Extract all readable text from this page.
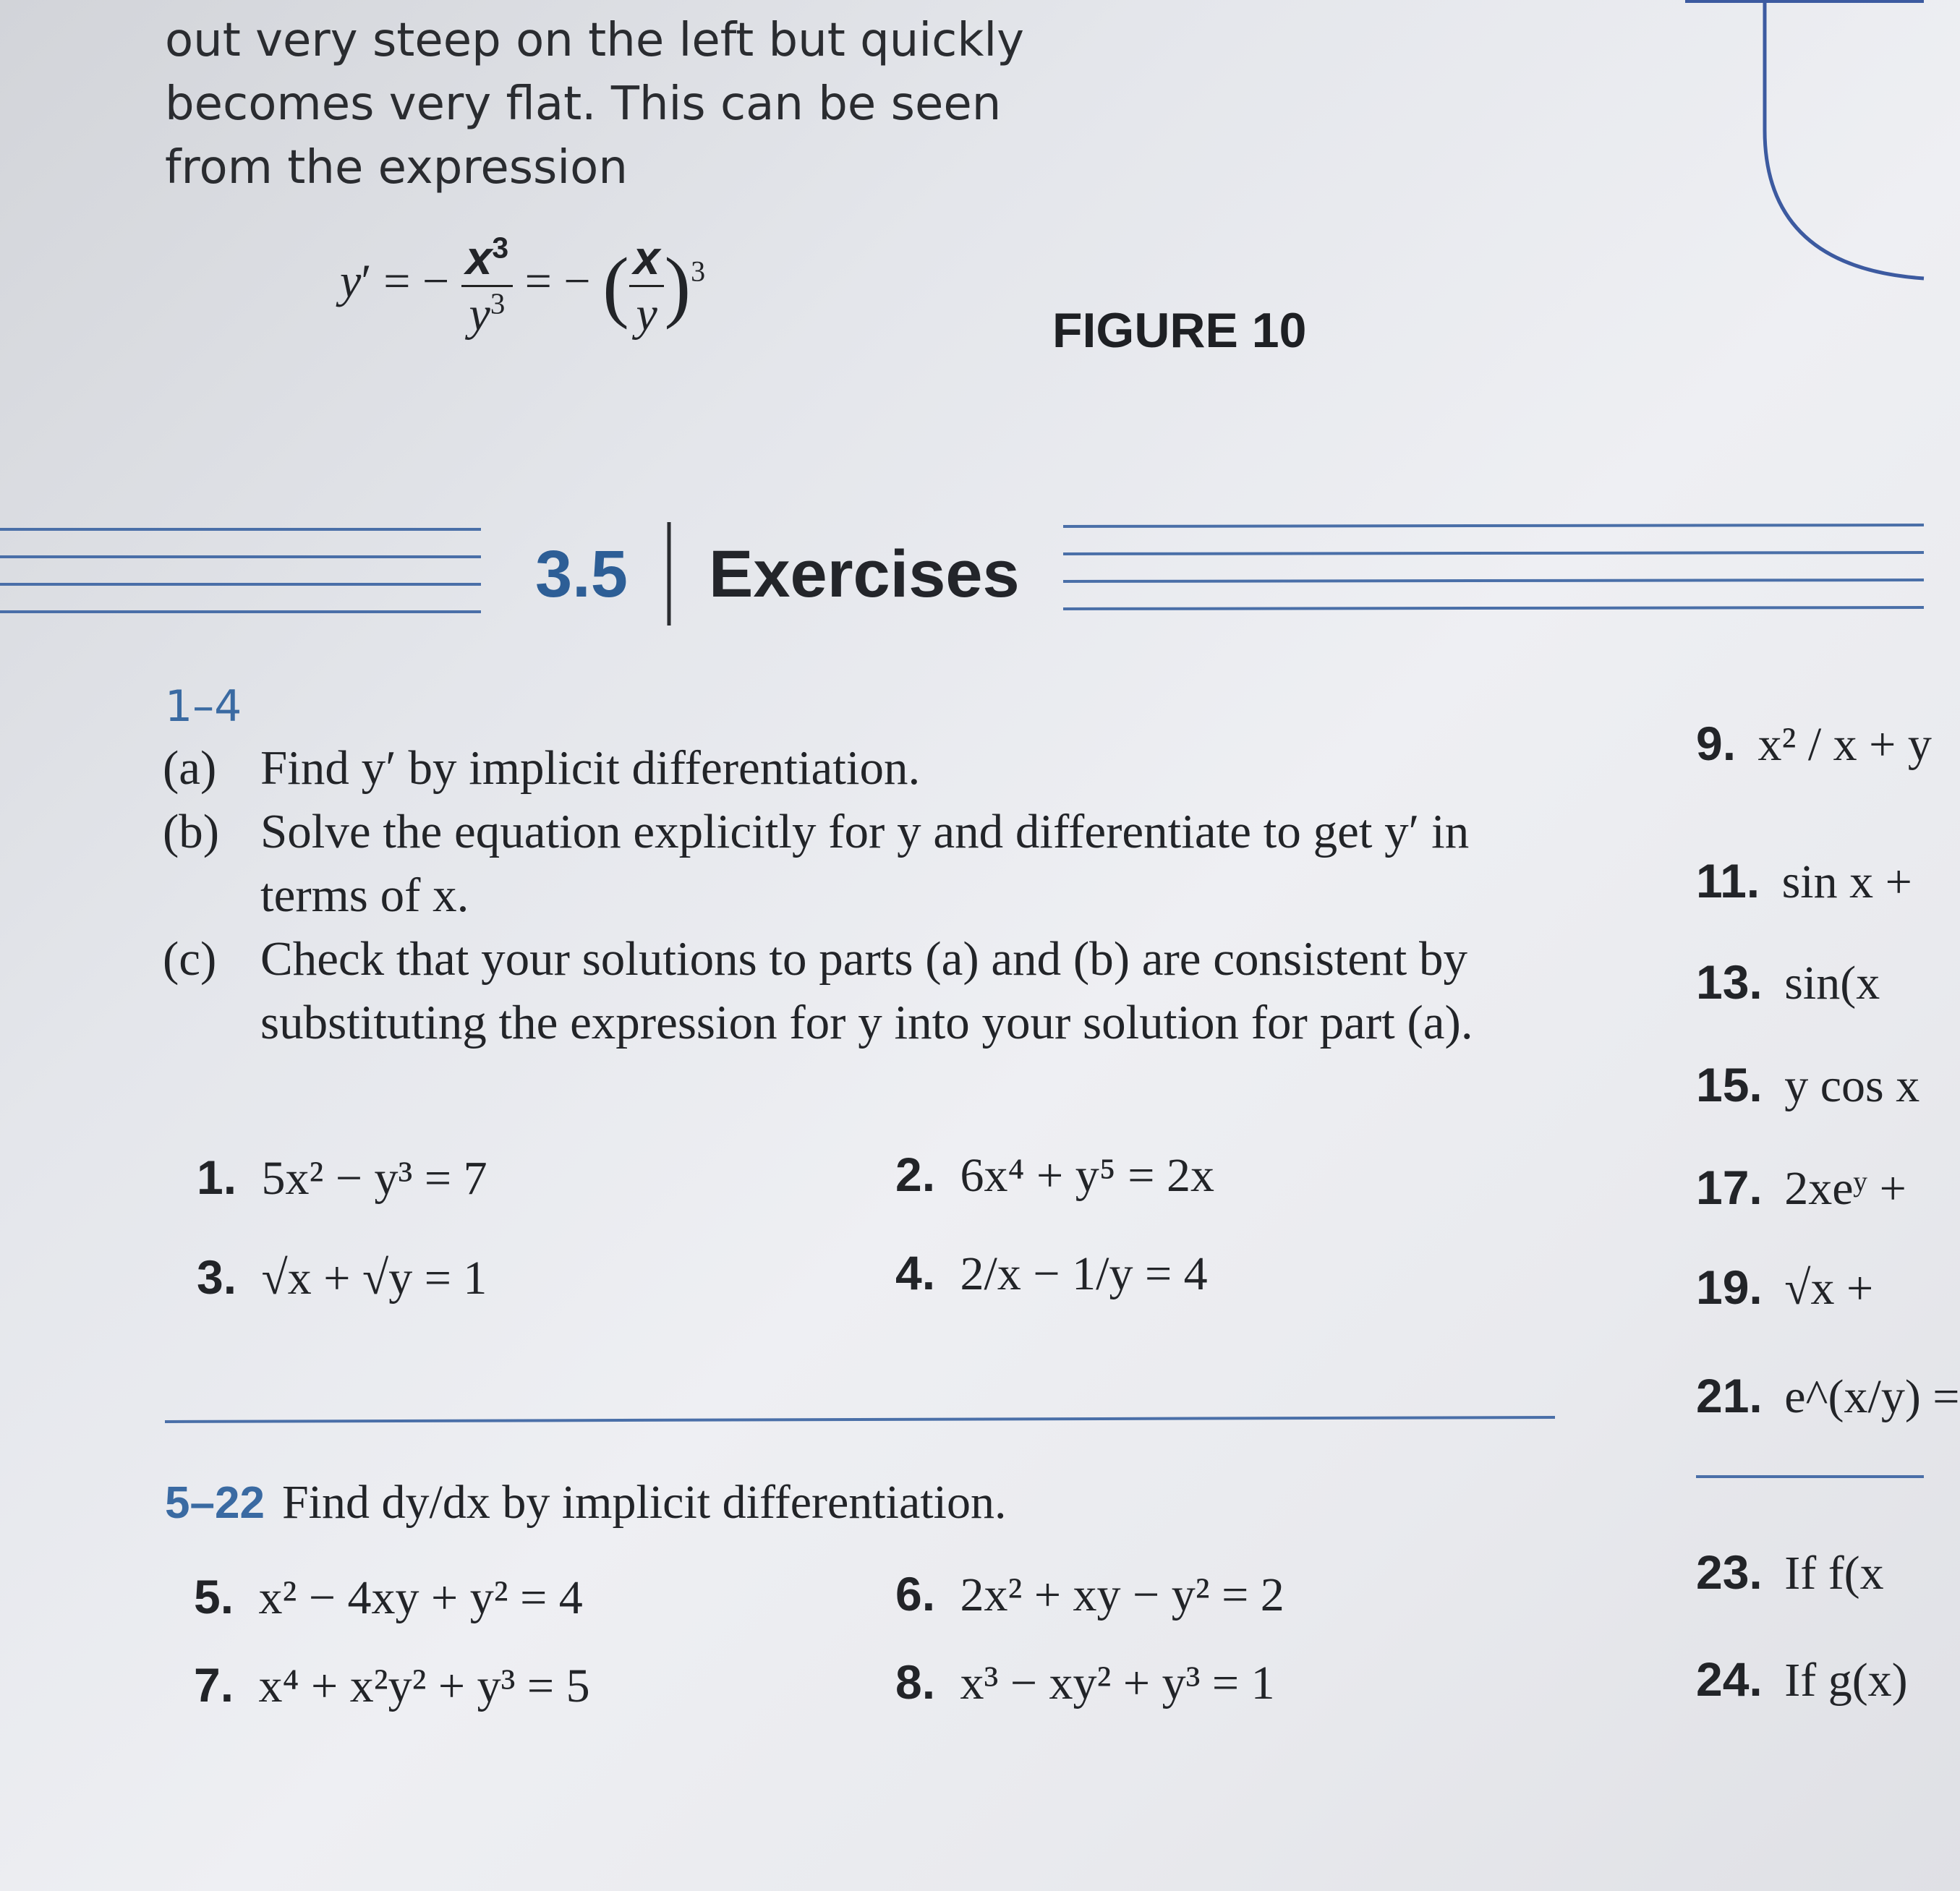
out very steep on the left but quickly
becomes very flat. This can be seen
from the expression
y′ = − $\frac{x^3}{y^3}$ = − ( $\frac{x}{y} )^3$
FIGURE 10
3.5 Exercises
1–4
(a) Find y′ by implicit differentiation.
(b) Solve the equation explicitly for y and differentiate to get y′ in terms of x.
(c) Check that your solutions to parts (a) and (b) are consistent by substituting the expression for y into your solution for part (a).
1. 5x² − y³ = 7	2. 6x⁴ + y⁵ = 2x
3. √x + √y = 1	4. 2/x − 1/y = 4
5–22 Find dy/dx by implicit differentiation.
5. x² − 4xy + y² = 4	6. 2x² + xy − y² = 2
7. x⁴ + x²y² + y³ = 5	8. x³ − xy² + y³ = 1
9. x² / x + y
11. sin x +
13. sin(x
15. y cos x
17. 2xeʸ +
19. √x +
21. e^(x/y) =
23. If f(x
24. If g(x)
